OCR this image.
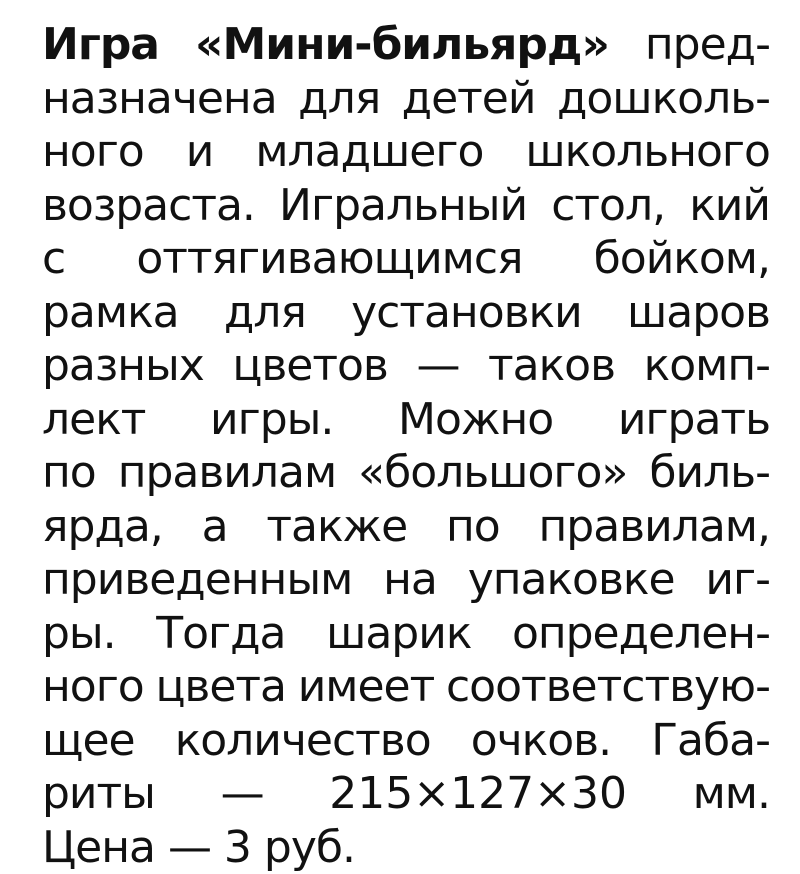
Игра «Мини-бильярд» пред-
назначена для детей дошколь-
ного и младшего школьного
возраста. Игральный стол, кий
с оттягивающимся бойком,
рамка для установки шаров
разных цветов — таков комп-
лект игры. Можно играть
по правилам «большого» биль-
ярда, а также по правилам,
приведенным на упаковке иг-
ры. Тогда шарик определен-
ного цвета имеет соответствую-
щее количество очков. Габа-
риты — 215×127×30 мм.
Цена — 3 руб.
